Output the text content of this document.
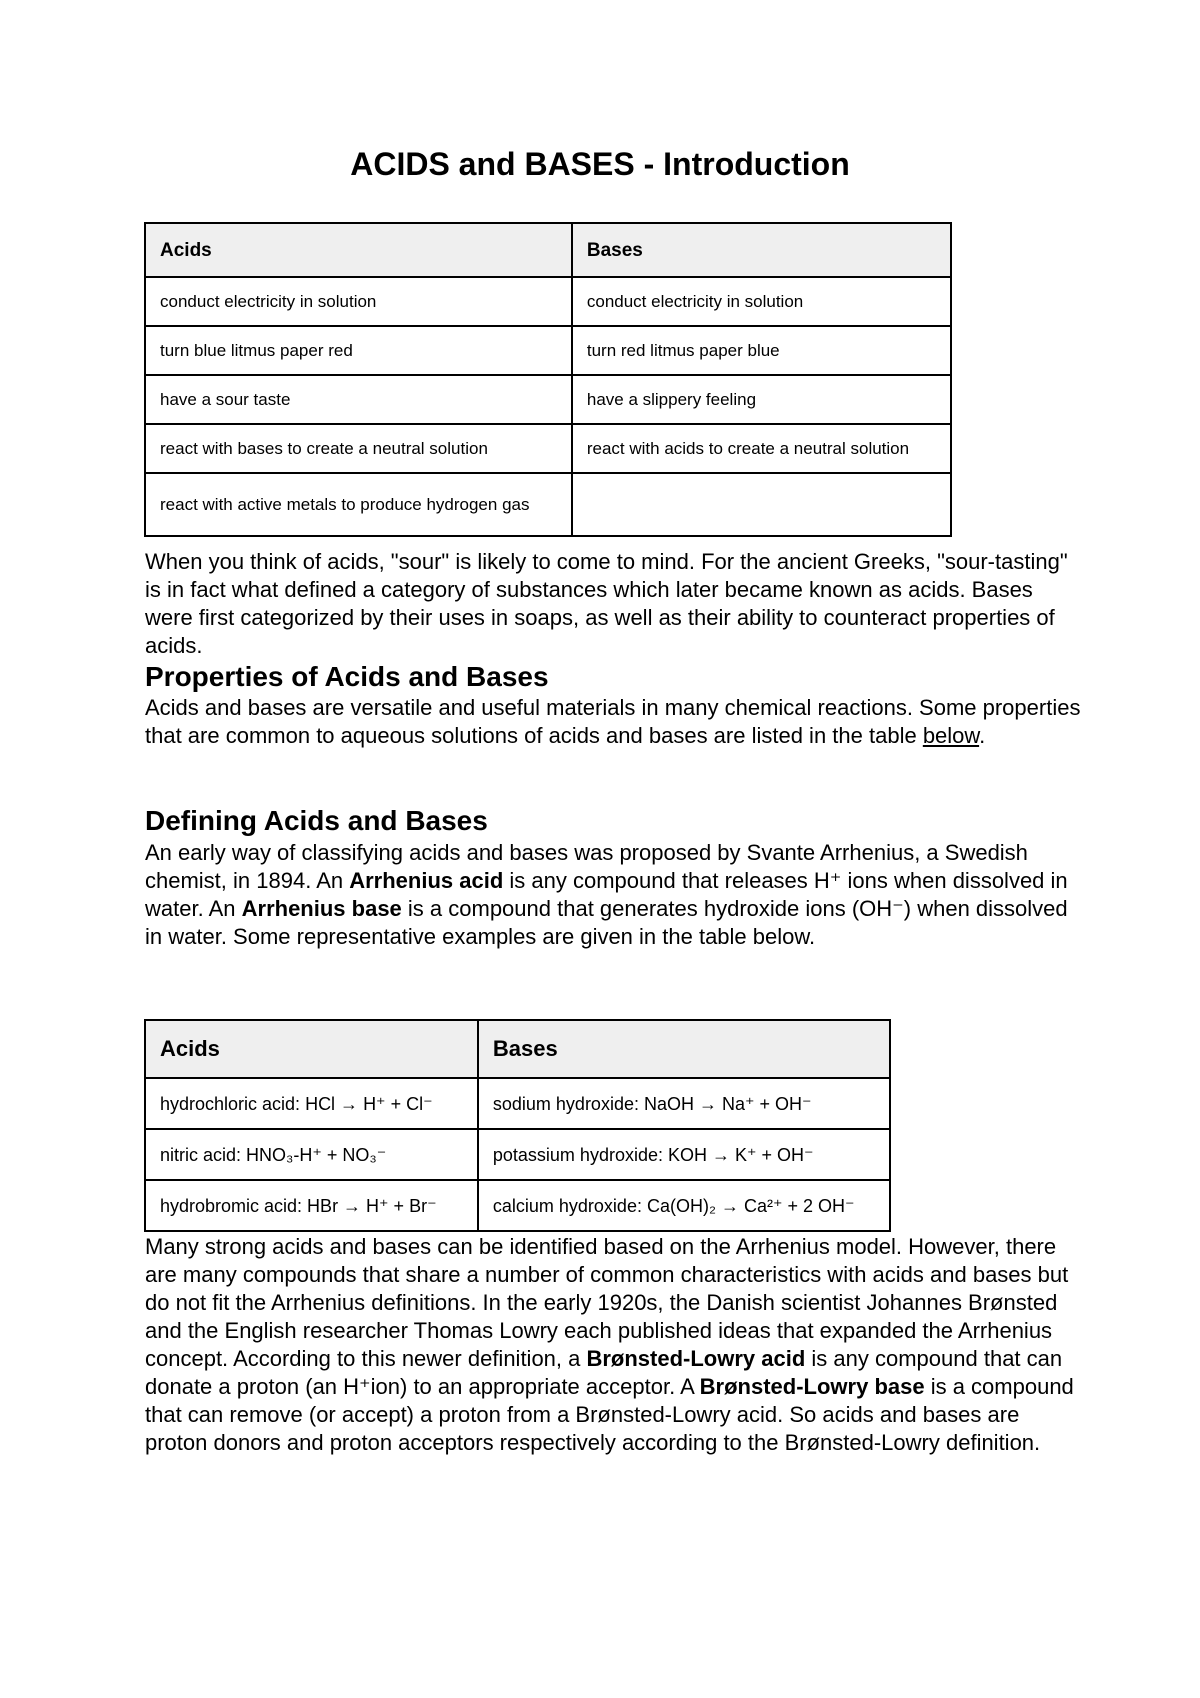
ACIDS and BASES - Introduction
Acids	Bases
conduct electricity in solution	conduct electricity in solution
turn blue litmus paper red	turn red litmus paper blue
have a sour taste	have a slippery feeling
react with bases to create a neutral solution	react with acids to create a neutral solution
react with active metals to produce hydrogen gas	

When you think of acids, "sour" is likely to come to mind. For the ancient Greeks, "sour-tasting" is in fact what defined a category of substances which later became known as acids. Bases were first categorized by their uses in soaps, as well as their ability to counteract properties of acids.

Properties of Acids and Bases

Acids and bases are versatile and useful materials in many chemical reactions. Some properties that are common to aqueous solutions of acids and bases are listed in the table below.

Defining Acids and Bases

An early way of classifying acids and bases was proposed by Svante Arrhenius, a Swedish chemist, in 1894. An Arrhenius acid is any compound that releases H⁺ ions when dissolved in water. An Arrhenius base is a compound that generates hydroxide ions (OH⁻) when dissolved in water. Some representative examples are given in the table below.

Acids	Bases
hydrochloric acid: HCl → H⁺ + Cl⁻	sodium hydroxide: NaOH → Na⁺ + OH⁻
nitric acid: HNO₃-H⁺ + NO₃⁻	potassium hydroxide: KOH → K⁺ + OH⁻
hydrobromic acid: HBr → H⁺ + Br⁻	calcium hydroxide: Ca(OH)₂ → Ca²⁺ + 2 OH⁻

Many strong acids and bases can be identified based on the Arrhenius model. However, there are many compounds that share a number of common characteristics with acids and bases but do not fit the Arrhenius definitions. In the early 1920s, the Danish scientist Johannes Brønsted and the English researcher Thomas Lowry each published ideas that expanded the Arrhenius concept. According to this newer definition, a Brønsted-Lowry acid is any compound that can donate a proton (an H⁺ion) to an appropriate acceptor. A Brønsted-Lowry base is a compound that can remove (or accept) a proton from a Brønsted-Lowry acid. So acids and bases are proton donors and proton acceptors respectively according to the Brønsted-Lowry definition.
